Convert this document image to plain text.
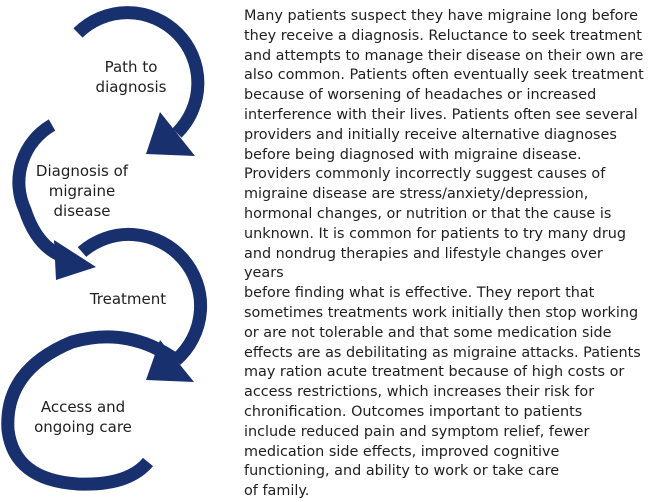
Path to
diagnosis
Diagnosis of
migraine
disease
Treatment
Access and
ongoing care

Many patients suspect they have migraine long before
they receive a diagnosis. Reluctance to seek treatment
and attempts to manage their disease on their own are
also common. Patients often eventually seek treatment
because of worsening of headaches or increased
interference with their lives. Patients often see several
providers and initially receive alternative diagnoses
before being diagnosed with migraine disease.
Providers commonly incorrectly suggest causes of
migraine disease are stress/anxiety/depression,
hormonal changes, or nutrition or that the cause is
unknown. It is common for patients to try many drug
and nondrug therapies and lifestyle changes over years
before finding what is effective. They report that
sometimes treatments work initially then stop working
or are not tolerable and that some medication side
effects are as debilitating as migraine attacks. Patients
may ration acute treatment because of high costs or
access restrictions, which increases their risk for
chronification. Outcomes important to patients
include reduced pain and symptom relief, fewer
medication side effects, improved cognitive
functioning, and ability to work or take care
of family.
